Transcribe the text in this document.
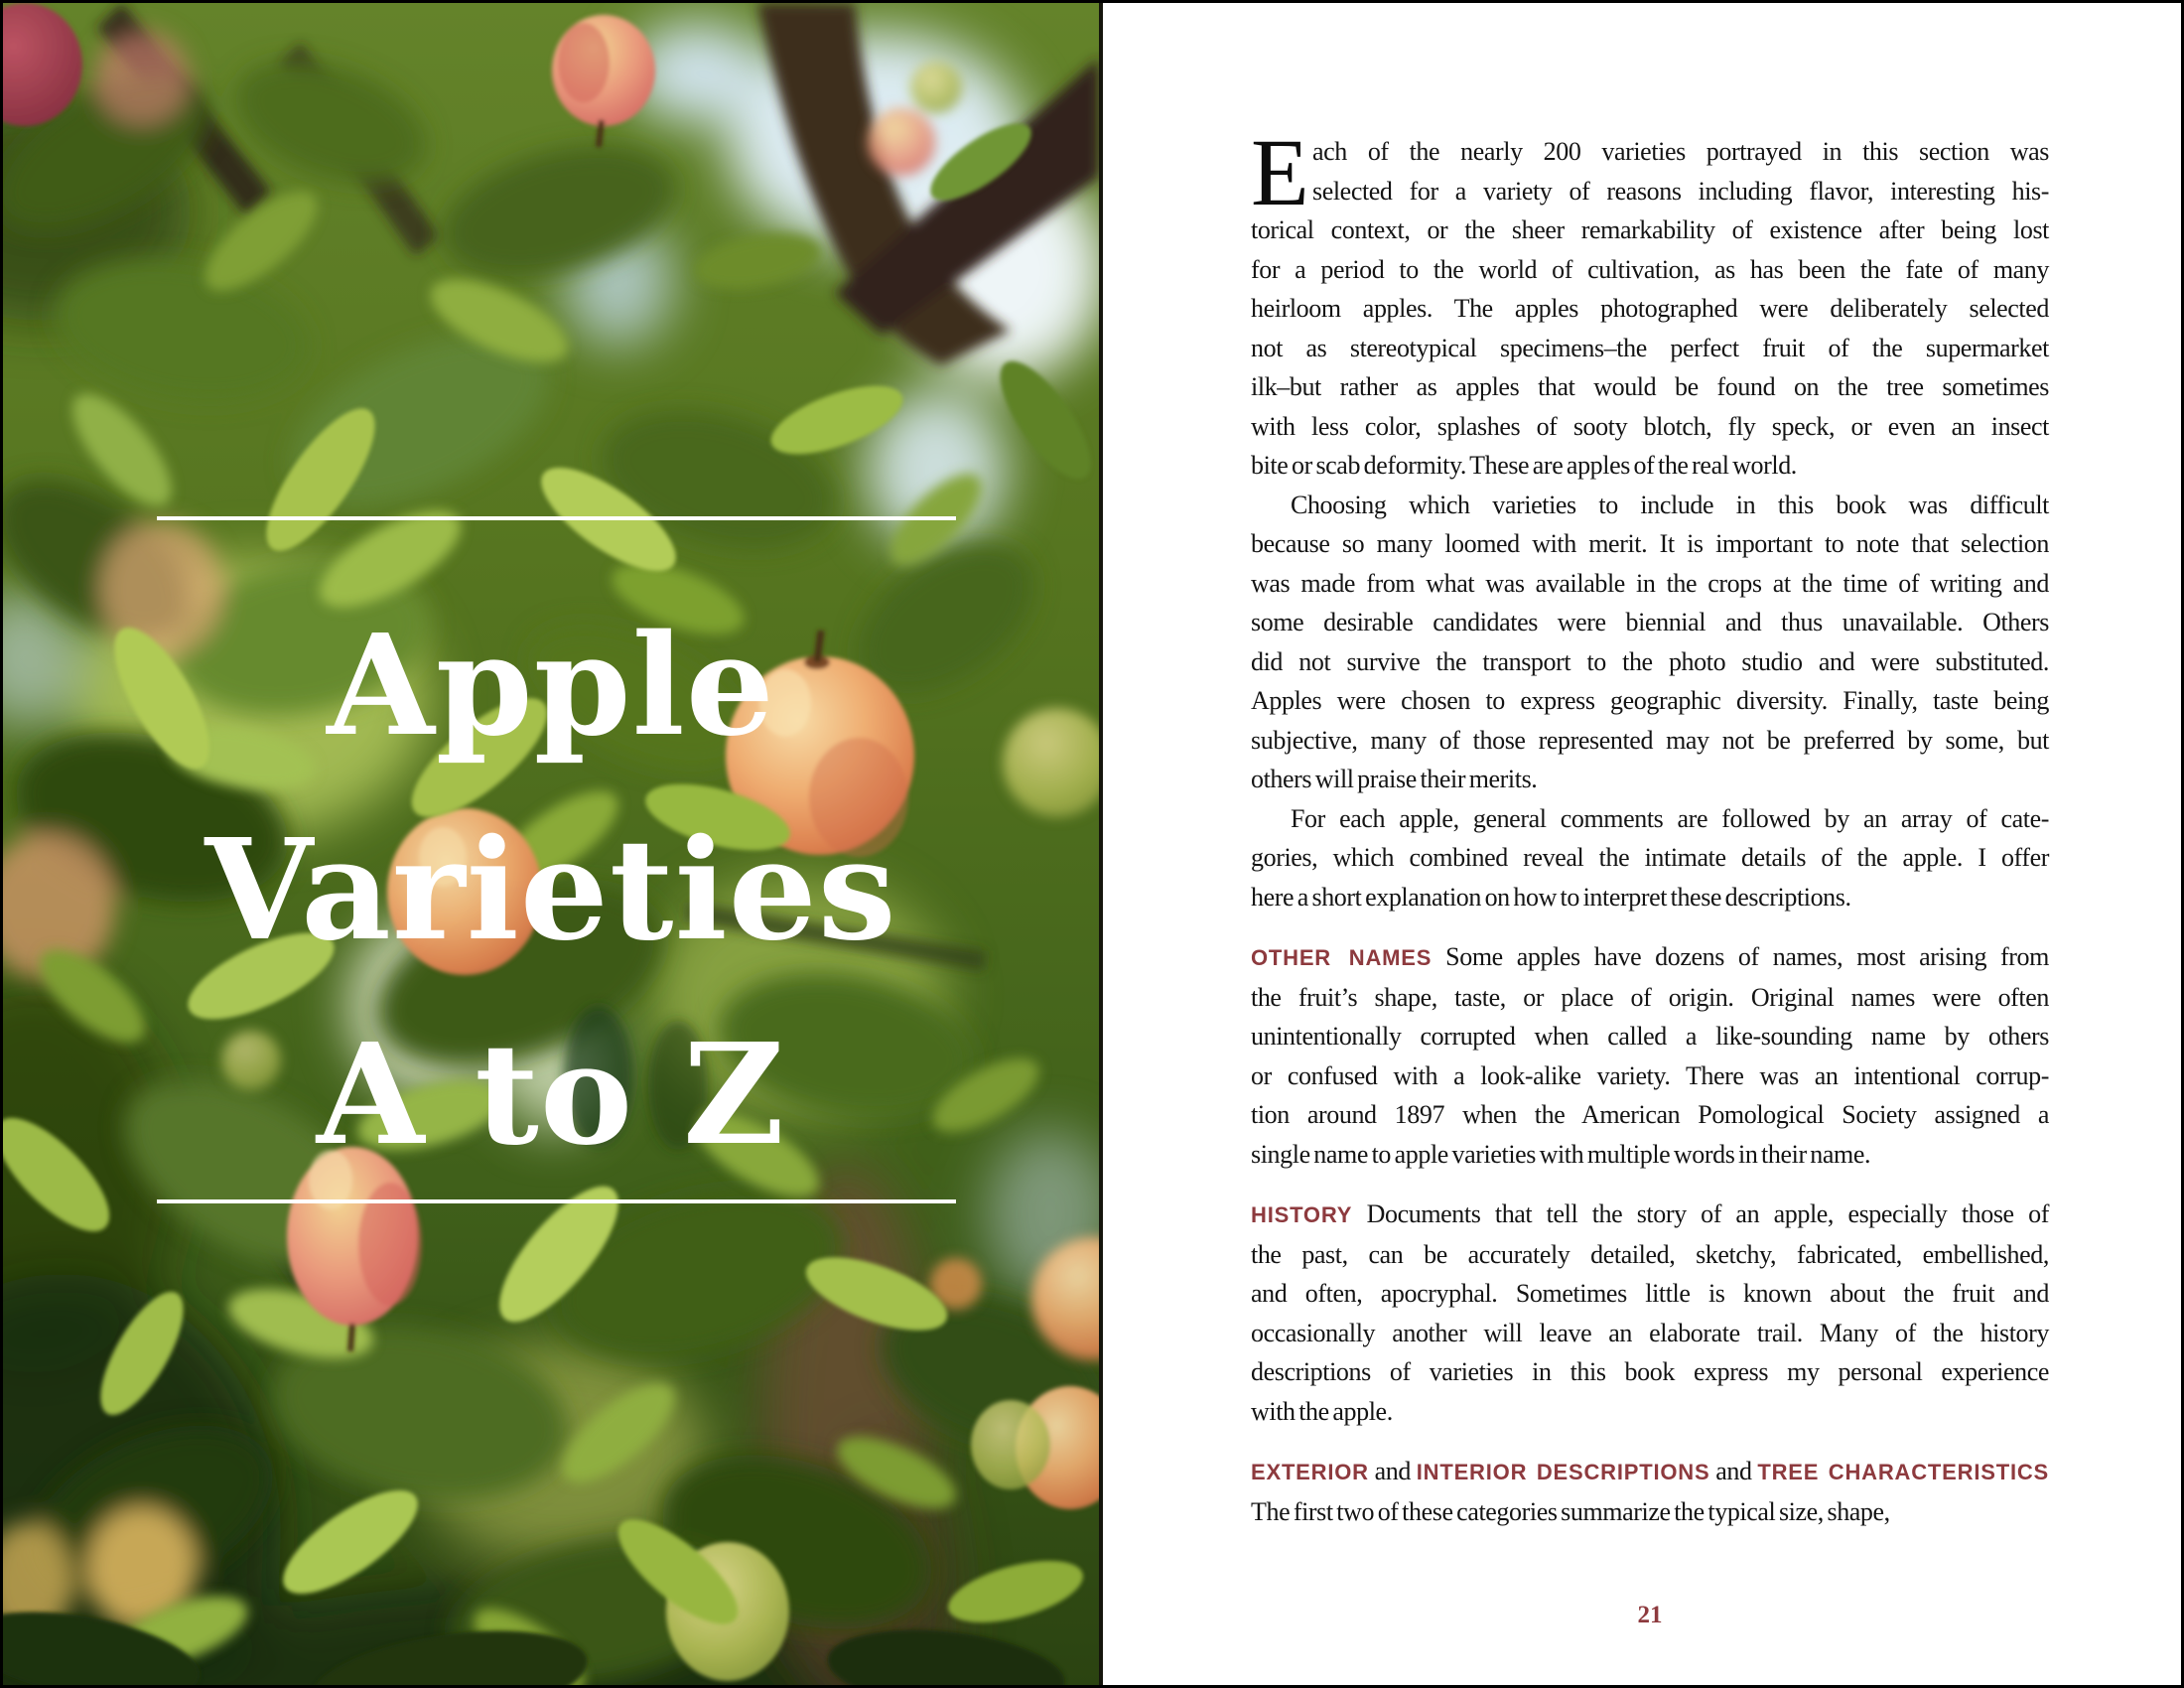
Apple
Varieties
A to Z
E ach of the nearly 200 varieties portrayed in this section was
selected for a variety of reasons including flavor, interesting his-
torical context, or the sheer remarkability of existence after being lost
for a period to the world of cultivation, as has been the fate of many
heirloom apples. The apples photographed were deliberately selected
not as stereotypical specimens–the perfect fruit of the supermarket
ilk–but rather as apples that would be found on the tree sometimes
with less color, splashes of sooty blotch, fly speck, or even an insect
bite or scab deformity. These are apples of the real world.
Choosing which varieties to include in this book was difficult
because so many loomed with merit. It is important to note that selection
was made from what was available in the crops at the time of writing and
some desirable candidates were biennial and thus unavailable. Others
did not survive the transport to the photo studio and were substituted.
Apples were chosen to express geographic diversity. Finally, taste being
subjective, many of those represented may not be preferred by some, but
others will praise their merits.
For each apple, general comments are followed by an array of cate-
gories, which combined reveal the intimate details of the apple. I offer
here a short explanation on how to interpret these descriptions.
OTHER NAMES Some apples have dozens of names, most arising from
the fruit’s shape, taste, or place of origin. Original names were often
unintentionally corrupted when called a like-sounding name by others
or confused with a look-alike variety. There was an intentional corrup-
tion around 1897 when the American Pomological Society assigned a
single name to apple varieties with multiple words in their name.
HISTORY Documents that tell the story of an apple, especially those of
the past, can be accurately detailed, sketchy, fabricated, embellished,
and often, apocryphal. Sometimes little is known about the fruit and
occasionally another will leave an elaborate trail. Many of the history
descriptions of varieties in this book express my personal experience
with the apple.
EXTERIOR and INTERIOR DESCRIPTIONS and TREE CHARACTERISTICS
The first two of these categories summarize the typical size, shape,
21
